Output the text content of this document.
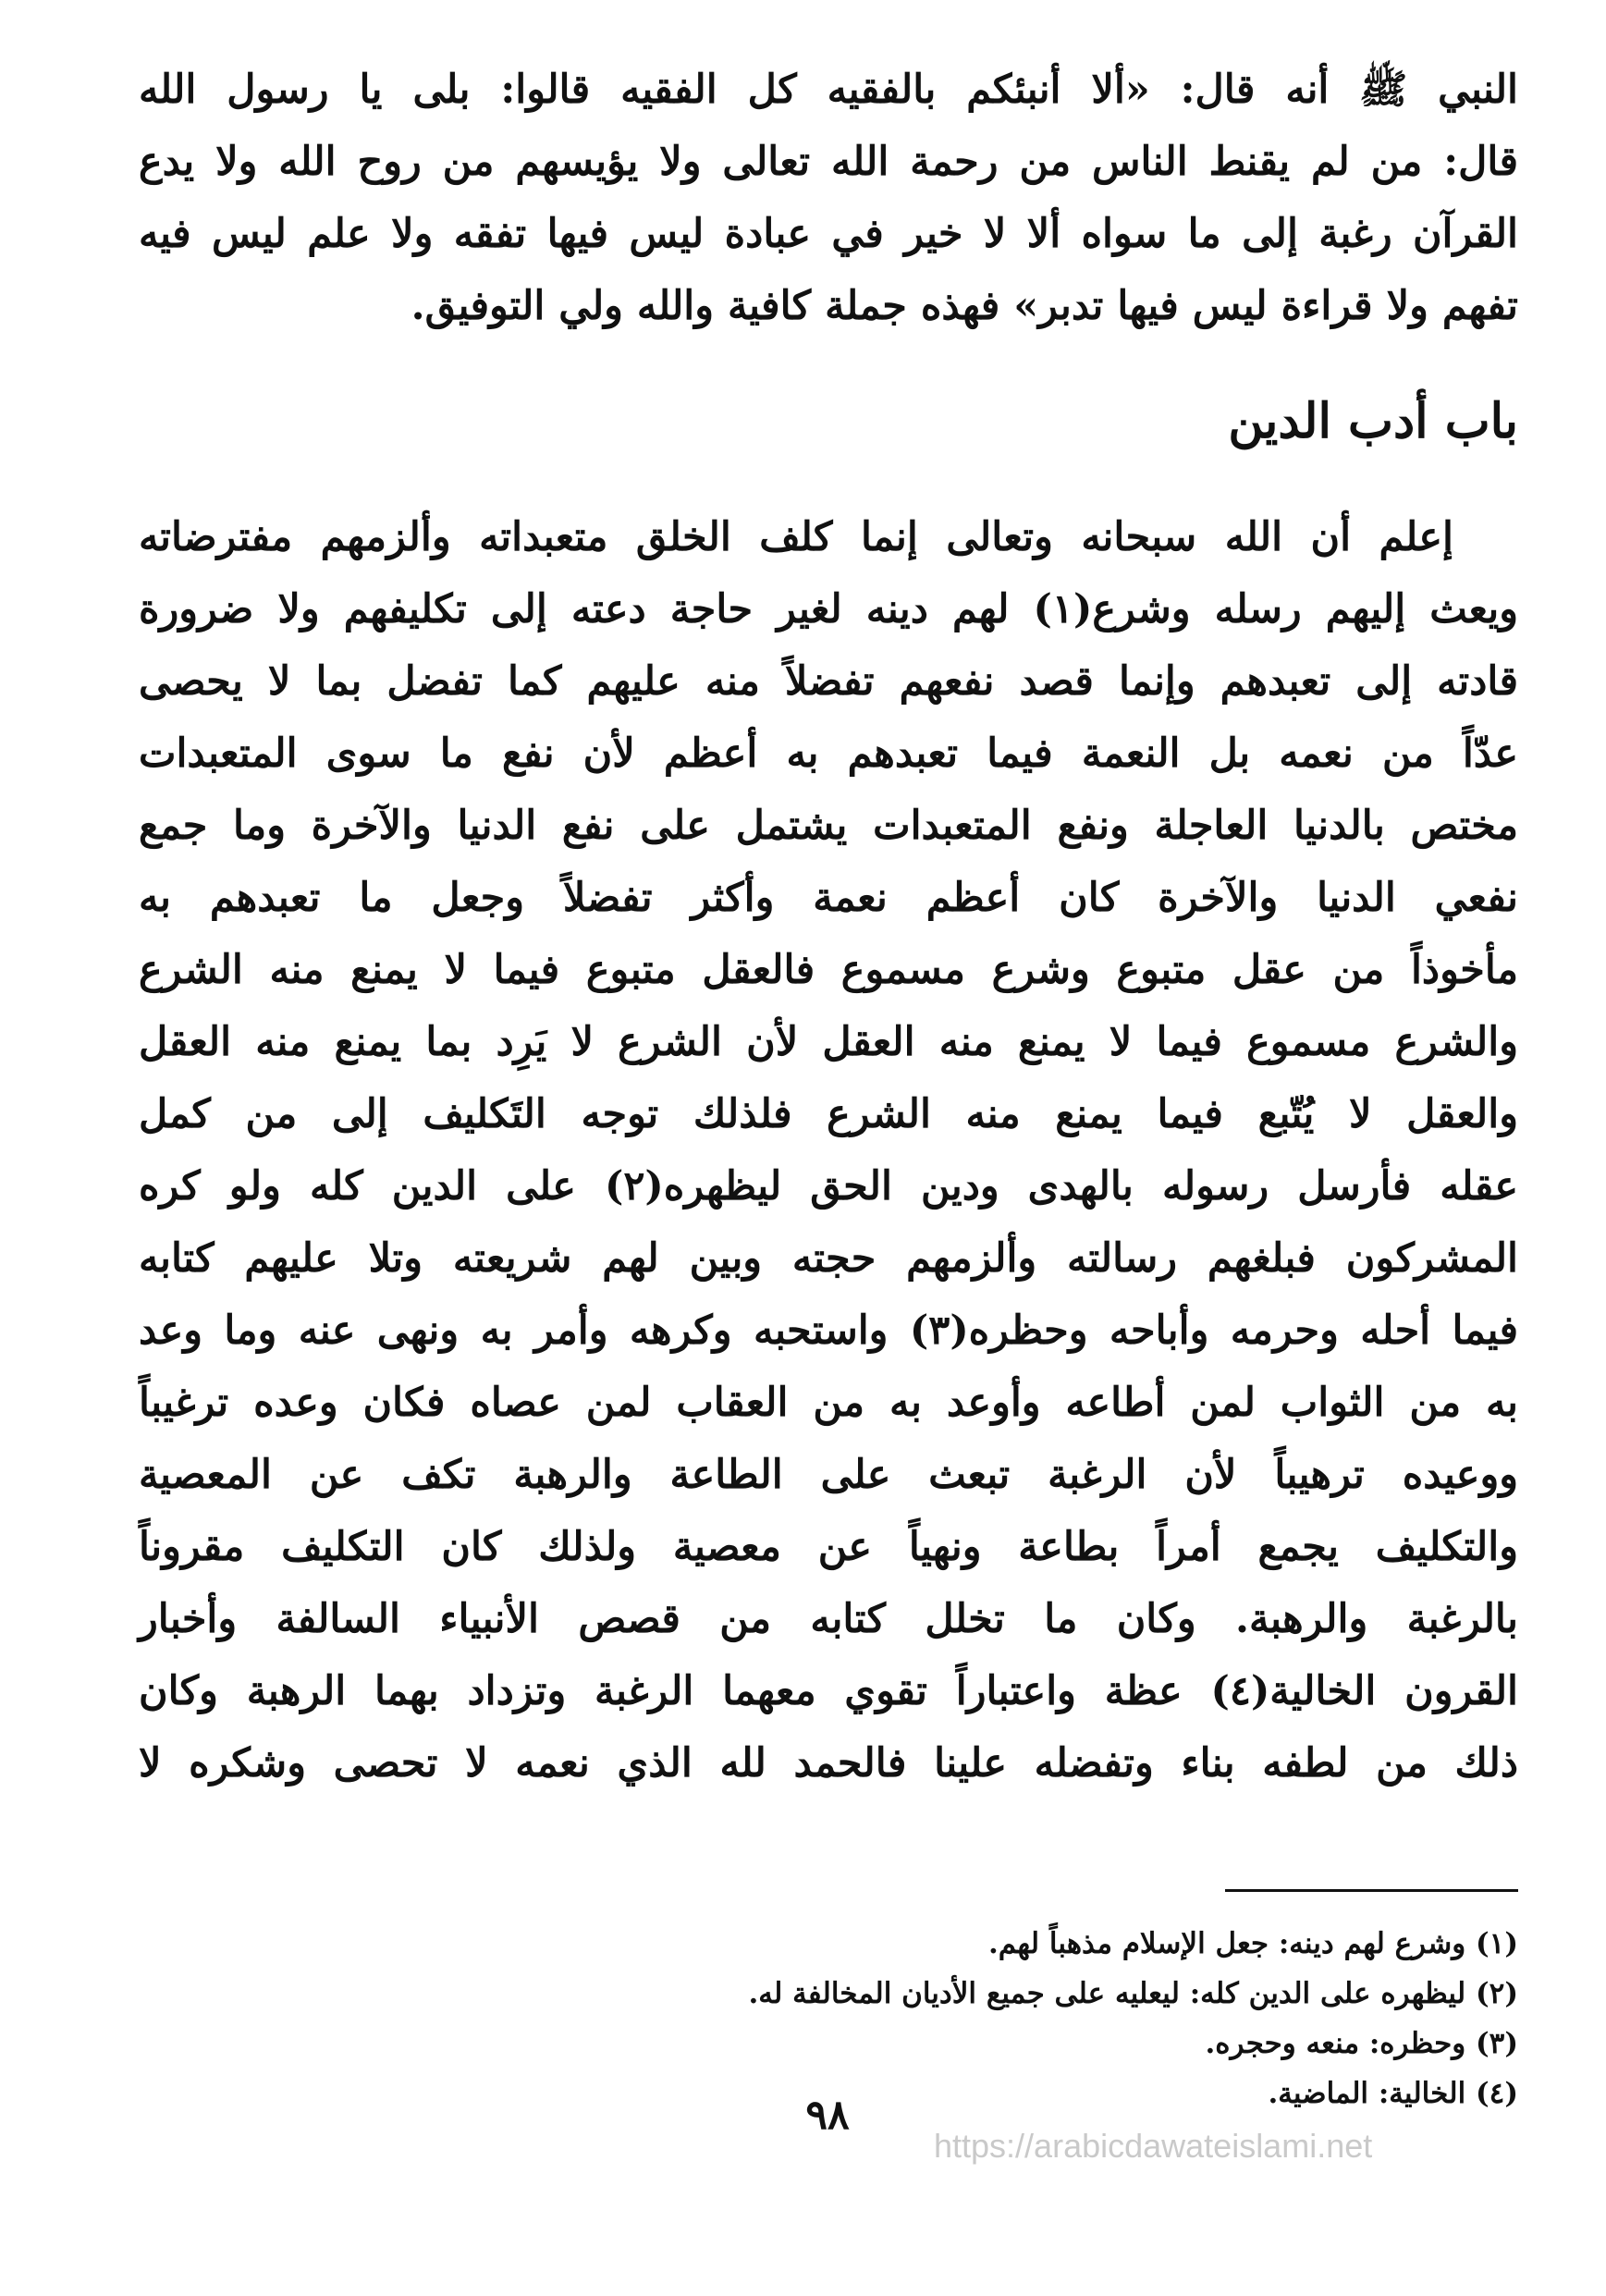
النبي ﷺ أنه قال: «ألا أنبئكم بالفقيه كل الفقيه قالوا: بلى يا رسول الله
قال: من لم يقنط الناس من رحمة الله تعالى ولا يؤيسهم من روح الله ولا يدع
القرآن رغبة إلى ما سواه ألا لا خير في عبادة ليس فيها تفقه ولا علم ليس فيه
تفهم ولا قراءة ليس فيها تدبر» فهذه جملة كافية والله ولي التوفيق.
باب أدب الدين
إعلم أن الله سبحانه وتعالى إنما كلف الخلق متعبداته وألزمهم مفترضاته
ويعث إليهم رسله وشرع(١) لهم دينه لغير حاجة دعته إلى تكليفهم ولا ضرورة
قادته إلى تعبدهم وإنما قصد نفعهم تفضلاً منه عليهم كما تفضل بما لا يحصى
عدّاً من نعمه بل النعمة فيما تعبدهم به أعظم لأن نفع ما سوى المتعبدات
مختص بالدنيا العاجلة ونفع المتعبدات يشتمل على نفع الدنيا والآخرة وما جمع
نفعي الدنيا والآخرة كان أعظم نعمة وأكثر تفضلاً وجعل ما تعبدهم به
مأخوذاً من عقل متبوع وشرع مسموع فالعقل متبوع فيما لا يمنع منه الشرع
والشرع مسموع فيما لا يمنع منه العقل لأن الشرع لا يَرِد بما يمنع منه العقل
والعقل لا يُتّبع فيما يمنع منه الشرع فلذلك توجه التَكليف إلى من كمل
عقله فأرسل رسوله بالهدى ودين الحق ليظهره(٢) على الدين كله ولو كره
المشركون فبلغهم رسالته وألزمهم حجته وبين لهم شريعته وتلا عليهم كتابه
فيما أحله وحرمه وأباحه وحظره(٣) واستحبه وكرهه وأمر به ونهى عنه وما وعد
به من الثواب لمن أطاعه وأوعد به من العقاب لمن عصاه فكان وعده ترغيباً
ووعيده ترهيباً لأن الرغبة تبعث على الطاعة والرهبة تكف عن المعصية
والتكليف يجمع أمراً بطاعة ونهياً عن معصية ولذلك كان التكليف مقروناً
بالرغبة والرهبة. وكان ما تخلل كتابه من قصص الأنبياء السالفة وأخبار
القرون الخالية(٤) عظة واعتباراً تقوي معهما الرغبة وتزداد بهما الرهبة وكان
ذلك من لطفه بناء وتفضله علينا فالحمد لله الذي نعمه لا تحصى وشكره لا
(١) وشرع لهم دينه: جعل الإسلام مذهباً لهم.
(٢) ليظهره على الدين كله: ليعليه على جميع الأديان المخالفة له.
(٣) وحظره: منعه وحجره.
(٤) الخالية: الماضية.
٩٨
https://arabicdawateislami.net
